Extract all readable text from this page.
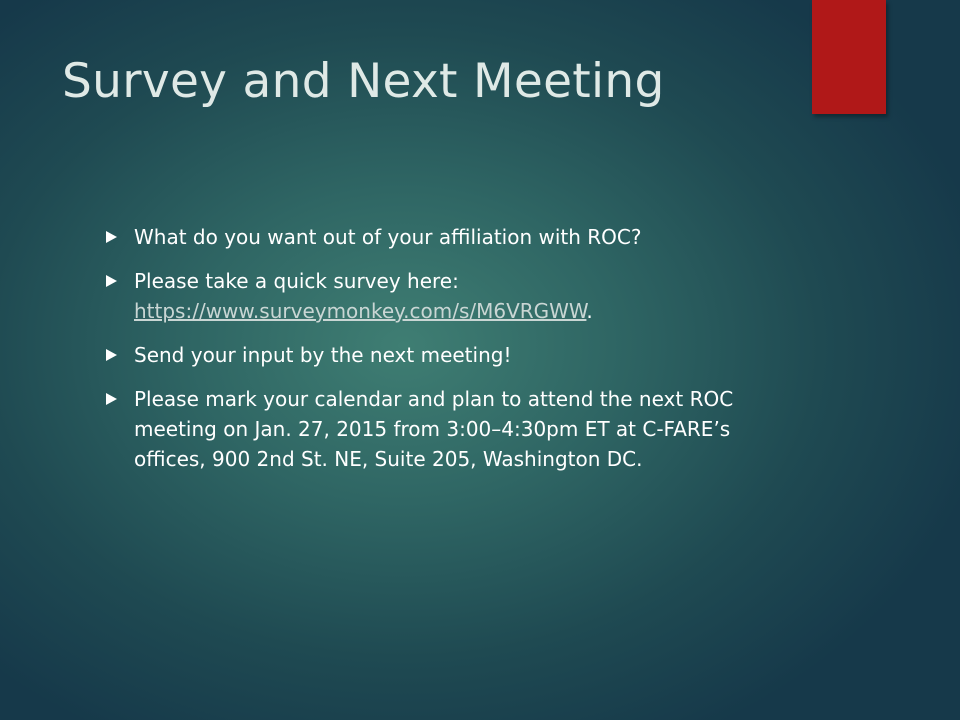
Survey and Next Meeting
What do you want out of your affiliation with ROC?
Please take a quick survey here: https://www.surveymonkey.com/s/M6VRGWW.
Send your input by the next meeting!
Please mark your calendar and plan to attend the next ROC meeting on Jan. 27, 2015 from 3:00–4:30pm ET at C-FARE’s offices, 900 2nd St. NE, Suite 205, Washington DC.
